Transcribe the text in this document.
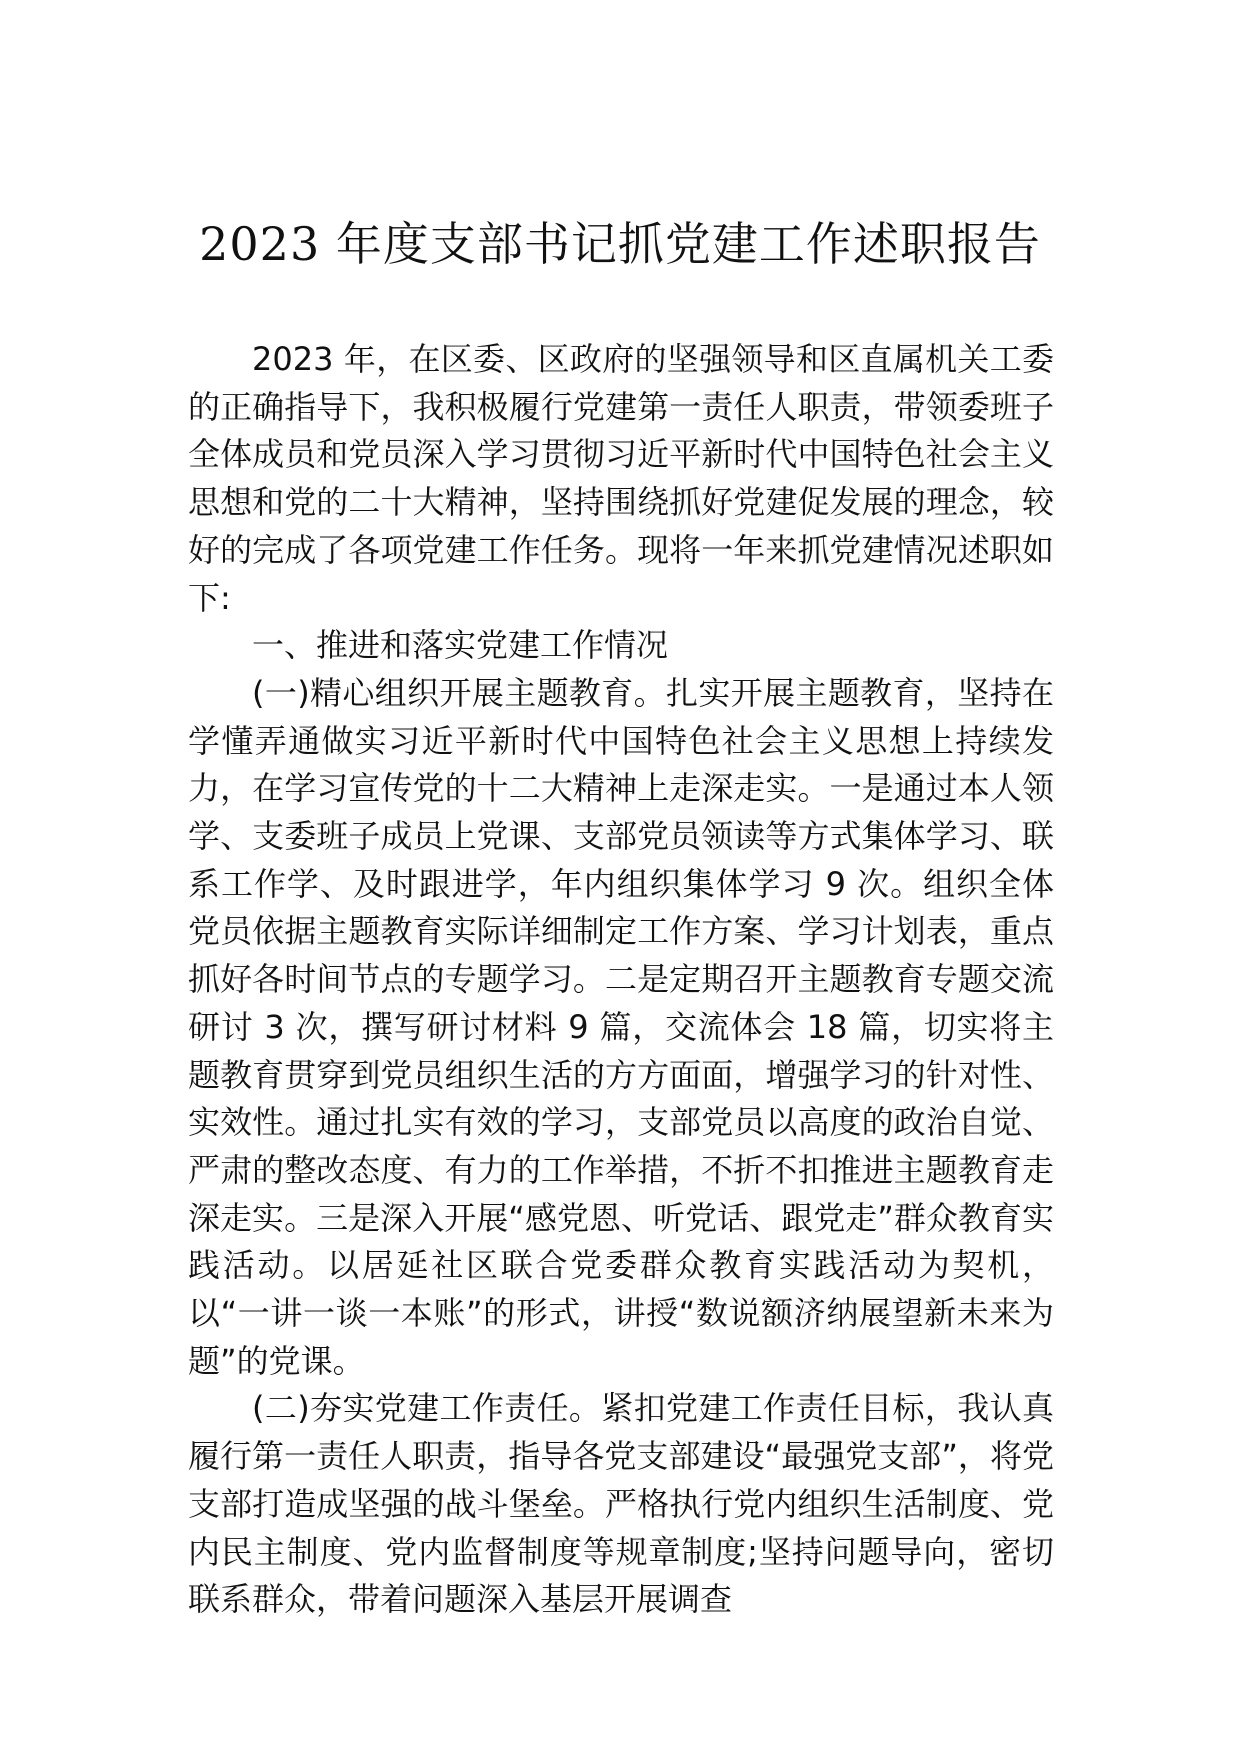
2023 年度支部书记抓党建工作述职报告

2023 年，在区委、区政府的坚强领导和区直属机关工委的正确指导下，我积极履行党建第一责任人职责，带领委班子全体成员和党员深入学习贯彻习近平新时代中国特色社会主义思想和党的二十大精神，坚持围绕抓好党建促发展的理念，较好的完成了各项党建工作任务。现将一年来抓党建情况述职如下:

一、推进和落实党建工作情况

(一)精心组织开展主题教育。扎实开展主题教育，坚持在学懂弄通做实习近平新时代中国特色社会主义思想上持续发力，在学习宣传党的十二大精神上走深走实。一是通过本人领学、支委班子成员上党课、支部党员领读等方式集体学习、联系工作学、及时跟进学，年内组织集体学习 9 次。组织全体党员依据主题教育实际详细制定工作方案、学习计划表，重点抓好各时间节点的专题学习。二是定期召开主题教育专题交流研讨 3 次，撰写研讨材料 9 篇，交流体会 18 篇，切实将主题教育贯穿到党员组织生活的方方面面，增强学习的针对性、实效性。通过扎实有效的学习，支部党员以高度的政治自觉、严肃的整改态度、有力的工作举措，不折不扣推进主题教育走深走实。三是深入开展“感党恩、听党话、跟党走”群众教育实践活动。以居延社区联合党委群众教育实践活动为契机，以“一讲一谈一本账”的形式，讲授“数说额济纳展望新未来为题”的党课。

(二)夯实党建工作责任。紧扣党建工作责任目标，我认真履行第一责任人职责，指导各党支部建设“最强党支部”，将党支部打造成坚强的战斗堡垒。严格执行党内组织生活制度、党内民主制度、党内监督制度等规章制度;坚持问题导向，密切联系群众，带着问题深入基层开展调查
